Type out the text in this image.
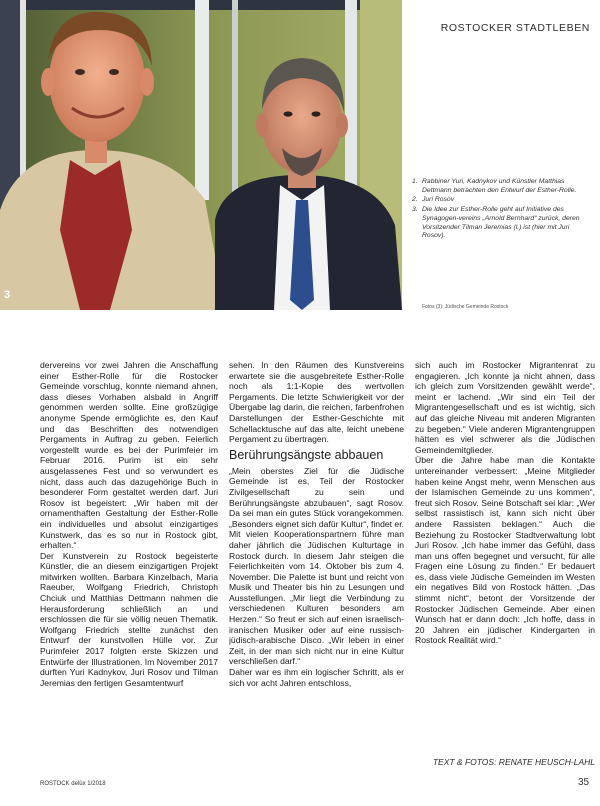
3
ROSTOCKER STADTLEBEN
1. Rabbiner Yuri, Kadnykov und Künstler Matthias Dettmann betrachten den Entwurf der Esther-Rolle.
2. Juri Rosov
3. Die Idee zur Esther-Rolle geht auf Initiative des Synagogen-vereins „Arnold Bernhard“ zurück, deren Vorsitzender Tilman Jeremias (l.) ist (hier mit Juri Rosov).
Fotos (3): Jüdische Gemeinde Rostock

dervereins vor zwei Jahren die Anschaffung einer Esther-Rolle für die Rostocker Gemeinde vorschlug, konnte niemand ahnen, dass dieses Vorhaben alsbald in Angriff genommen werden sollte. Eine großzügige anonyme Spende ermöglichte es, den Kauf und das Beschriften des notwendigen Pergaments in Auftrag zu geben. Feierlich vorgestellt wurde es bei der Purimfeier im Februar 2016. Purim ist ein sehr ausgelassenes Fest und so verwundert es nicht, dass auch das dazugehörige Buch in besonderer Form gestaltet werden darf. Juri Rosov ist begeistert: „Wir haben mit der ornamenthaften Gestaltung der Esther-Rolle ein individuelles und absolut einzigartiges Kunstwerk, das es so nur in Rostock gibt, erhalten.“

Der Kunstverein zu Rostock begeisterte Künstler, die an diesem einzigartigen Projekt mitwirken wollten. Barbara Kinzelbach, Maria Raeuber, Wolfgang Friedrich, Christoph Chciuk und Matthias Dettmann nahmen die Herausforderung schließlich an und erschlossen die für sie völlig neuen Thematik. Wolfgang Friedrich stellte zunächst den Entwurf der kunstvollen Hülle vor. Zur Purimfeier 2017 folgten erste Skizzen und Entwürfe der Illustrationen. Im November 2017 durften Yuri Kadnykov, Juri Rosov und Tilman Jeremias den fertigen Gesamtentwurf

sehen. In den Räumen des Kunstvereins erwartete sie die ausgebreitete Esther-Rolle noch als 1:1-Kopie des wertvollen Pergaments. Die letzte Schwierigkeit vor der Übergabe lag darin, die reichen, farbenfrohen Darstellungen der Esther-Geschichte mit Schellacktusche auf das alte, leicht unebene Pergament zu übertragen.

Berührungsängste abbauen

„Mein oberstes Ziel für die Jüdische Gemeinde ist es, Teil der Rostocker Zivilgesellschaft zu sein und Berührungsängste abzubauen“, sagt Rosov. Da sei man ein gutes Stück vorangekommen. „Besonders eignet sich dafür Kultur“, findet er. Mit vielen Kooperationspartnern führe man daher jährlich die Jüdischen Kulturtage in Rostock durch. In diesem Jahr steigen die Feierlichkeiten vom 14. Oktober bis zum 4. November. Die Palette ist bunt und reicht von Musik und Theater bis hin zu Lesungen und Ausstellungen. „Mir liegt die Verbindung zu verschiedenen Kulturen besonders am Herzen.“ So freut er sich auf einen israelisch-iranischen Musiker oder auf eine russisch-jüdisch-arabische Disco. „Wir leben in einer Zeit, in der man sich nicht nur in eine Kultur verschließen darf.“

Daher war es ihm ein logischer Schritt, als er sich vor acht Jahren entschloss,

sich auch im Rostocker Migrantenrat zu engagieren. „Ich konnte ja nicht ahnen, dass ich gleich zum Vorsitzenden gewählt werde“, meint er lachend. „Wir sind ein Teil der Migrantengesellschaft und es ist wichtig, sich auf das gleiche Niveau mit anderen Migranten zu begeben.“ Viele anderen Migrantengruppen hätten es viel schwerer als die Jüdischen Gemeindemitglieder.

Über die Jahre habe man die Kontakte untereinander verbessert: „Meine Mitglieder haben keine Angst mehr, wenn Menschen aus der Islamischen Gemeinde zu uns kommen“, freut sich Rosov. Seine Botschaft sei klar: „Wer selbst rassistisch ist, kann sich nicht über andere Rassisten beklagen.“ Auch die Beziehung zu Rostocker Stadtverwaltung lobt Juri Rosov. „Ich habe immer das Gefühl, dass man uns offen begegnet und versucht, für alle Fragen eine Lösung zu finden.“ Er bedauert es, dass viele Jüdische Gemeinden im Westen ein negatives Bild von Rostock hätten. „Das stimmt nicht“, betont der Vorsitzende der Rostocker Jüdischen Gemeinde. Aber einen Wunsch hat er dann doch: „Ich hoffe, dass in 20 Jahren ein jüdischer Kindergarten in Rostock Realität wird.“

TEXT & FOTOS: RENATE HEUSCH-LAHL
ROSTOCK delüx 1/2018	35
